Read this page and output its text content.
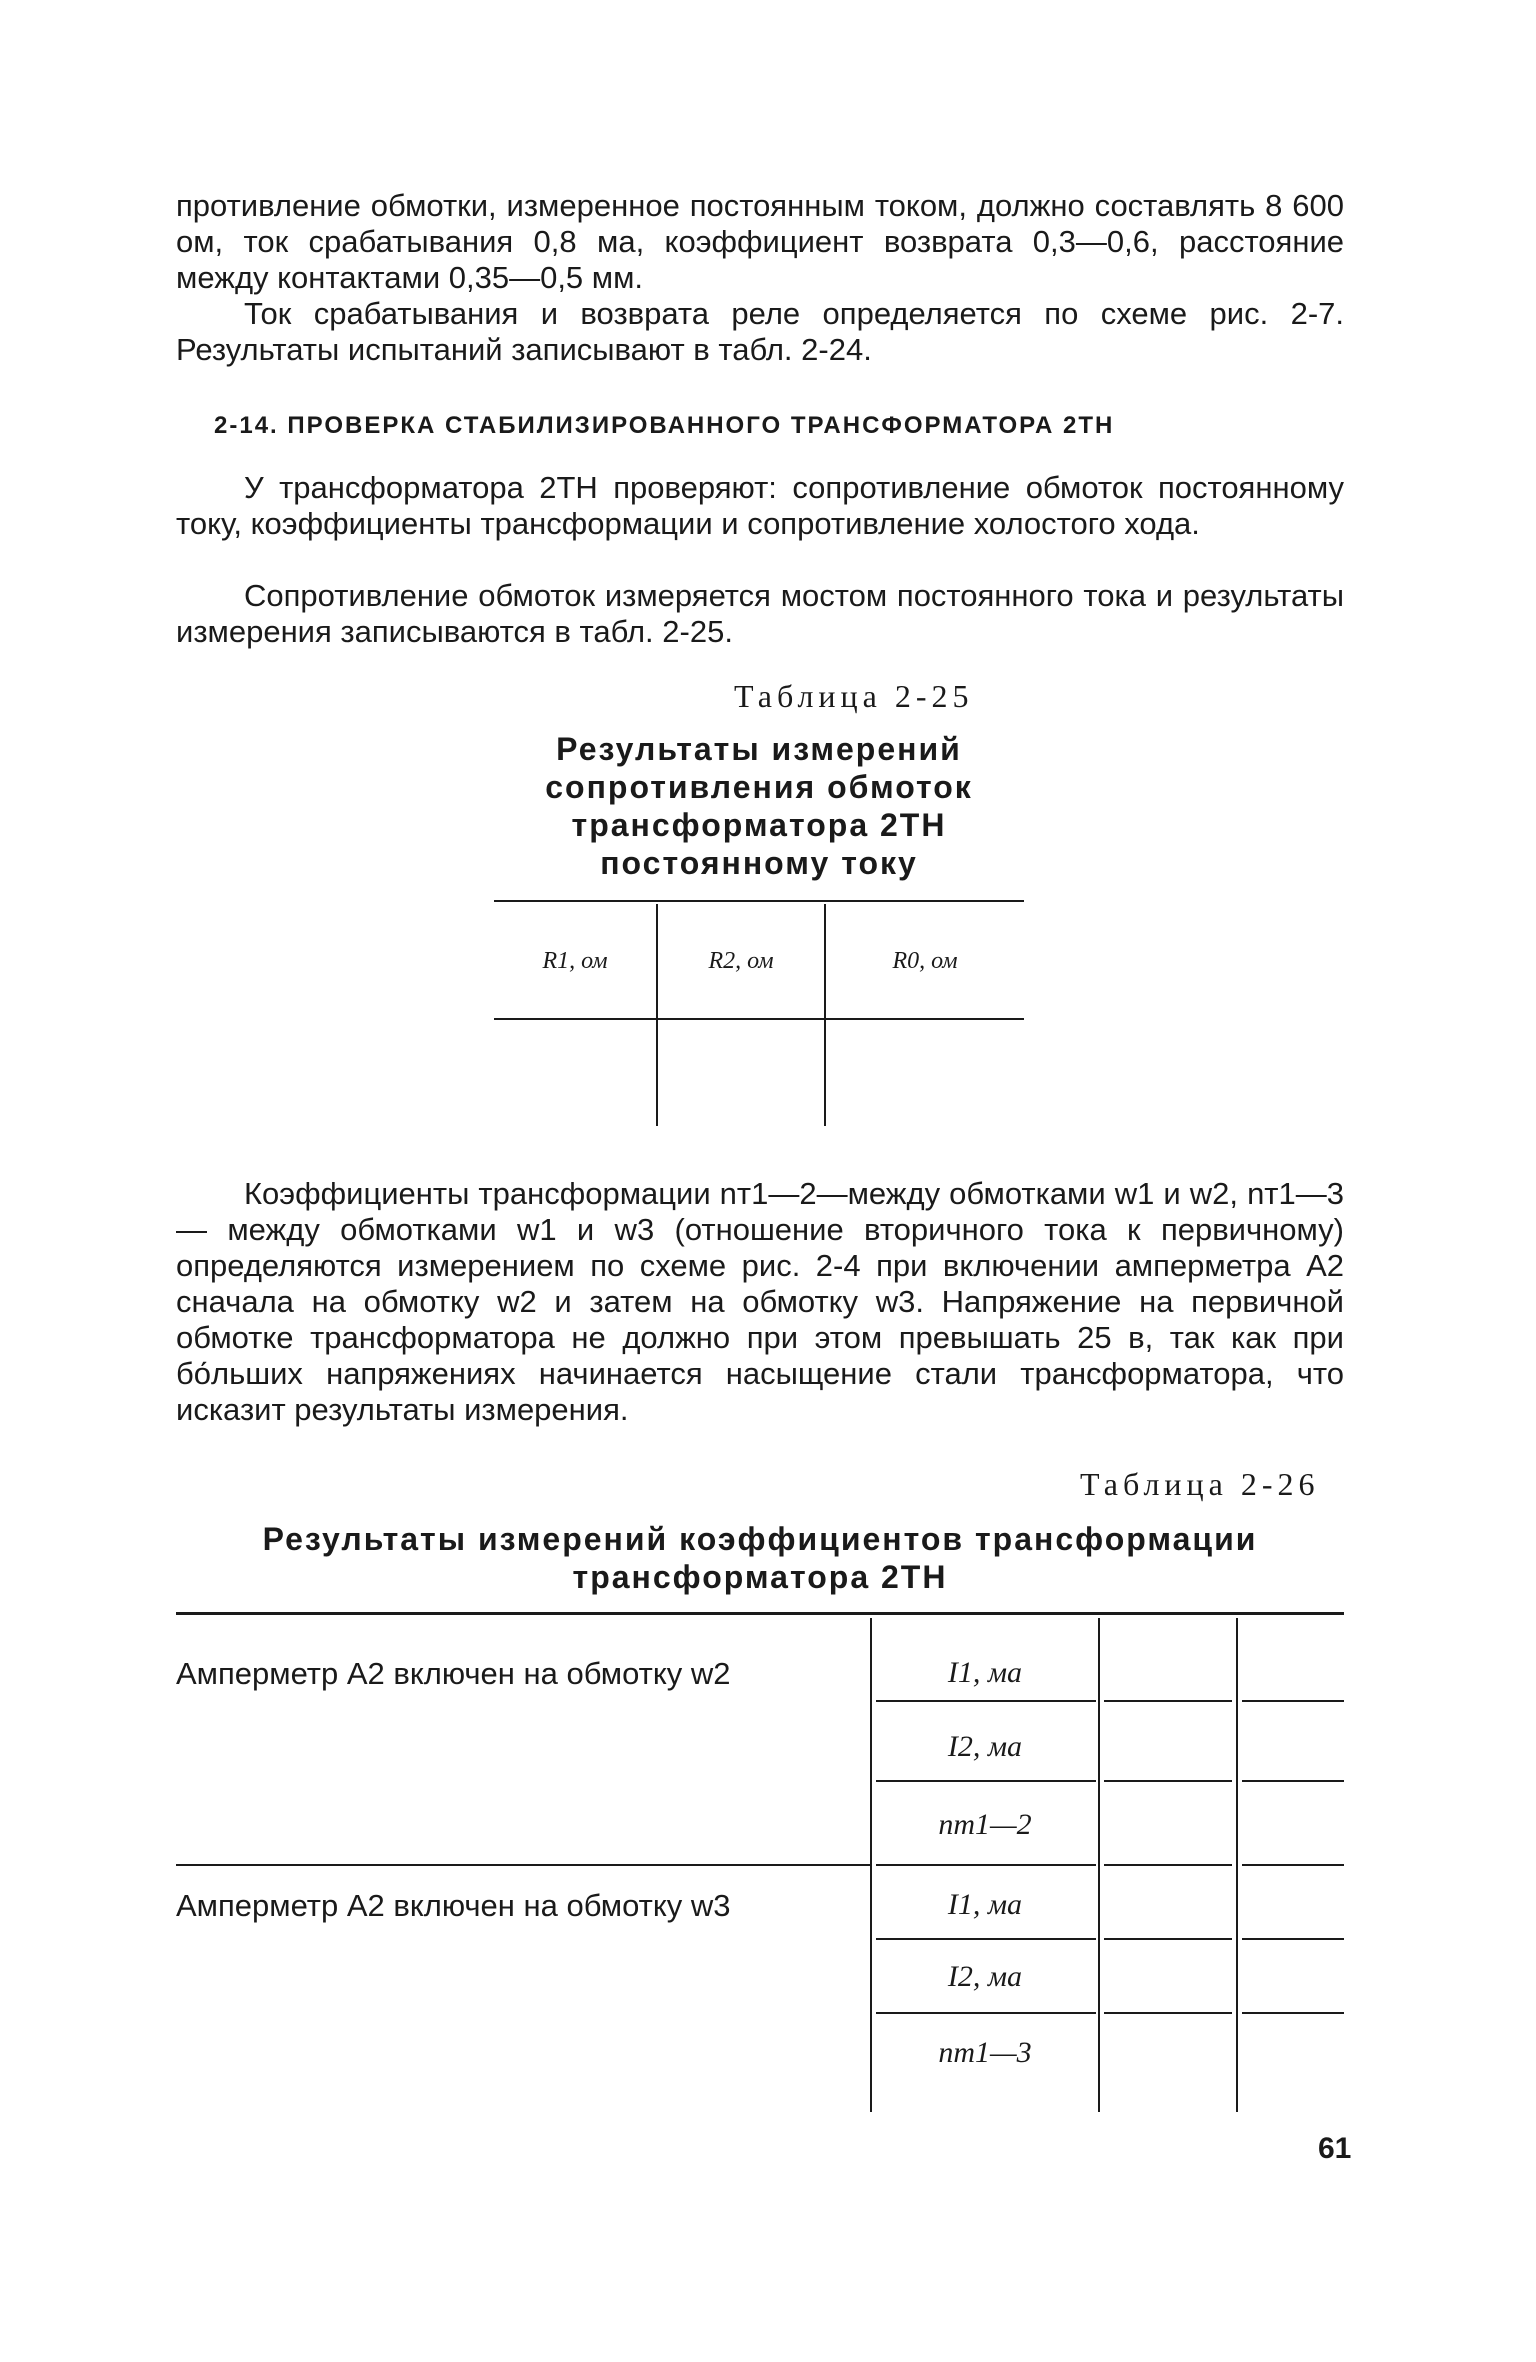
противление обмотки, измеренное постоянным током, должно составлять 8 600 ом, ток срабатывания 0,8 ма, коэффициент возврата 0,3—0,6, расстояние между контактами 0,35—0,5 мм.

Ток срабатывания и возврата реле определяется по схеме рис. 2-7. Результаты испытаний записывают в табл. 2-24.

2-14. ПРОВЕРКА СТАБИЛИЗИРОВАННОГО ТРАНСФОРМАТОРА 2ТН

У трансформатора 2ТН проверяют: сопротивление обмоток постоянному току, коэффициенты трансформации и сопротивление холостого хода.

Сопротивление обмоток измеряется мостом постоянного тока и результаты измерения записываются в табл. 2-25.

Таблица 2-25

Результаты измерений
сопротивления обмоток
трансформатора 2ТН
постоянному току

R1, ом	R2, ом	R0, ом

Коэффициенты трансформации nт1—2—между обмотками w1 и w2, nт1—3 — между обмотками w1 и w3 (отношение вторичного тока к первичному) определяются измерением по схеме рис. 2-4 при включении амперметра A2 сначала на обмотку w2 и затем на обмотку w3. Напряжение на первичной обмотке трансформатора не должно при этом превышать 25 в, так как при бо́льших напряжениях начинается насыщение стали трансформатора, что исказит результаты измерения.

Таблица 2-26

Результаты измерений коэффициентов трансформации
трансформатора 2ТН

Амперметр A2 включен на обмотку w2

Амперметр A2 включен на обмотку w3

I1, ма

I2, ма

nт1—2

I1, ма

I2, ма

nт1—3

61
